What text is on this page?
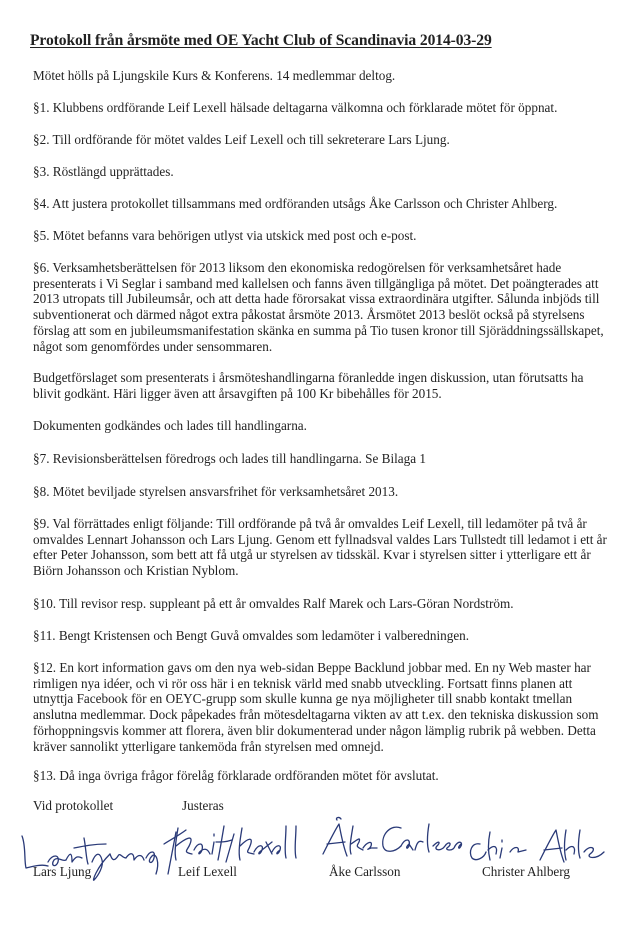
Protokoll från årsmöte med OE Yacht Club of Scandinavia 2014-03-29

Mötet hölls på Ljungskile Kurs & Konferens. 14 medlemmar deltog.

§1. Klubbens ordförande Leif Lexell hälsade deltagarna välkomna och förklarade mötet för öppnat.

§2. Till ordförande för mötet valdes Leif Lexell och till sekreterare Lars Ljung.

§3. Röstlängd upprättades.

§4. Att justera protokollet tillsammans med ordföranden utsågs Åke Carlsson och Christer Ahlberg.

§5. Mötet befanns vara behörigen utlyst via utskick med post och e-post.

§6. Verksamhetsberättelsen för 2013 liksom den ekonomiska redogörelsen för verksamhetsåret hade presenterats i Vi Seglar i samband med kallelsen och fanns även tillgängliga på mötet. Det poängterades att 2013 utropats till Jubileumsår, och att detta hade förorsakat vissa extraordinära utgifter. Sålunda inbjöds till subventionerat och därmed något extra påkostat årsmöte 2013. Årsmötet 2013 beslöt också på styrelsens förslag att som en jubileumsmanifestation skänka en summa på Tio tusen kronor till Sjöräddningssällskapet, något som genomfördes under sensommaren.

Budgetförslaget som presenterats i årsmöteshandlingarna föranledde ingen diskussion, utan förutsatts ha blivit godkänt. Häri ligger även att årsavgiften på 100 Kr bibehålles för 2015.

Dokumenten godkändes och lades till handlingarna.

§7. Revisionsberättelsen föredrogs och lades till handlingarna. Se Bilaga 1

§8. Mötet beviljade styrelsen ansvarsfrihet för verksamhetsåret 2013.

§9. Val förrättades enligt följande: Till ordförande på två år omvaldes Leif Lexell, till ledamöter på två år omvaldes Lennart Johansson och Lars Ljung. Genom ett fyllnadsval valdes Lars Tullstedt till ledamot i ett år efter Peter Johansson, som bett att få utgå ur styrelsen av tidsskäl. Kvar i styrelsen sitter i ytterligare ett år Biörn Johansson och Kristian Nyblom.

§10. Till revisor resp. suppleant på ett år omvaldes Ralf Marek och Lars-Göran Nordström.

§11. Bengt Kristensen och Bengt Guvå omvaldes som ledamöter i valberedningen.

§12. En kort information gavs om den nya web-sidan Beppe Backlund jobbar med. En ny Web master har rimligen nya idéer, och vi rör oss här i en teknisk värld med snabb utveckling. Fortsatt finns planen att utnyttja Facebook för en OEYC-grupp som skulle kunna ge nya möjligheter till snabb kontakt tmellan anslutna medlemmar. Dock påpekades från mötesdeltagarna vikten av att t.ex. den tekniska diskussion som förhoppningsvis kommer att florera, även blir dokumenterad under någon lämplig rubrik på webben. Detta kräver sannolikt ytterligare tankemöda från styrelsen med omnejd.

§13. Då inga övriga frågor förelåg förklarade ordföranden mötet för avslutat.

Vid protokollet	Justeras
Lars Ljung	Leif Lexell	Åke Carlsson	Christer Ahlberg
